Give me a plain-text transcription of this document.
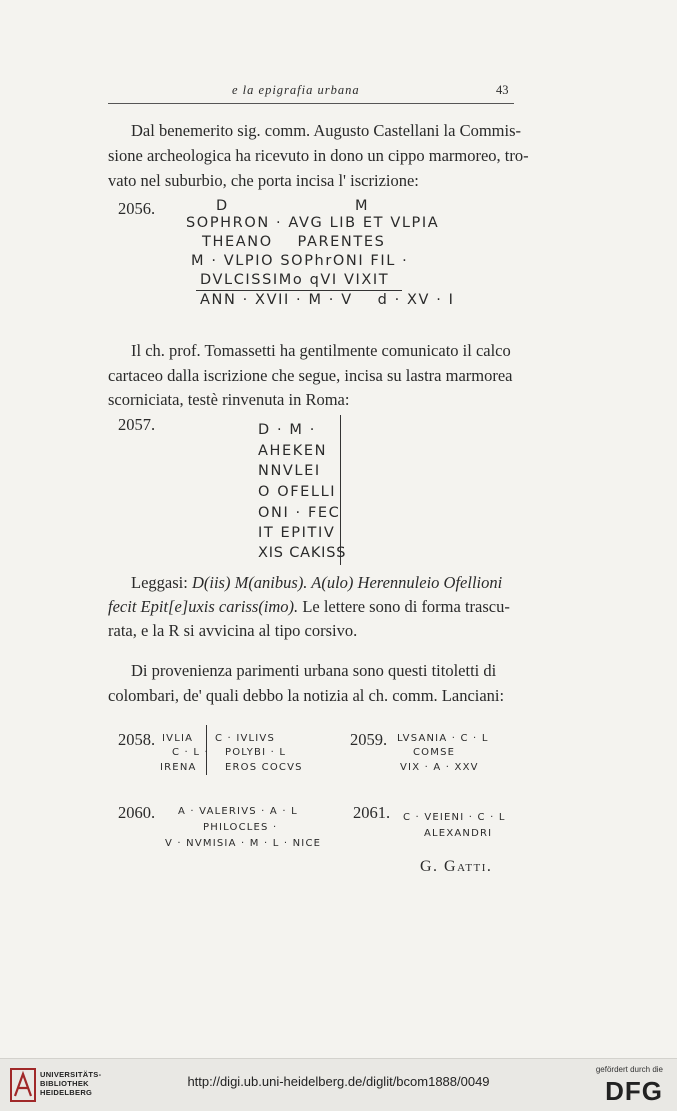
e la epigrafia urbana	43
Dal benemerito sig. comm. Augusto Castellani la Commis-
sione archeologica ha ricevuto in dono un cippo marmoreo, tro-
vato nel suburbio, che porta incisa l' iscrizione:
2056.	D	M
SOPHRON · AVG LIB ET VLPIA
THEANO    PARENTES
M · VLPIO SOPhrONI FIL ·
DVLCISSIMo qVI VIXIT
ANN · XVII · M · V    d · XV · I
Il ch. prof. Tomassetti ha gentilmente comunicato il calco
cartaceo dalla iscrizione che segue, incisa su lastra marmorea
scorniciata, testè rinvenuta in Roma:
2057.	D · M ·
AHEKEN
NNVLEI
O OFELLI
ONI · FEC
IT EPITIV
XIS CAKISS
Leggasi: D(iis) M(anibus). A(ulo) Herennuleio Ofellioni
fecit Epit[e]uxis cariss(imo). Le lettere sono di forma trascu-
rata, e la R si avvicina al tipo corsivo.
Di provenienza parimenti urbana sono questi titoletti di
colombari, de' quali debbo la notizia al ch. comm. Lanciani:
2058. IVLIA
C · L ·
IRENA
C · IVLIVS
POLYBI · L
EROS COCVS
2059. LVSANIA · C · L
COMSE
VIX · A · XXV
2060. A · VALERIVS · A · L
PHILOCLES ·
V · NVMISIA · M · L · NICE
2061. C · VEIENI · C · L
ALEXANDRI
G. Gatti.
UNIVERSITÄTS-
BIBLIOTHEK
HEIDELBERG
http://digi.ub.uni-heidelberg.de/diglit/bcom1888/0049
gefördert durch die
DFG
